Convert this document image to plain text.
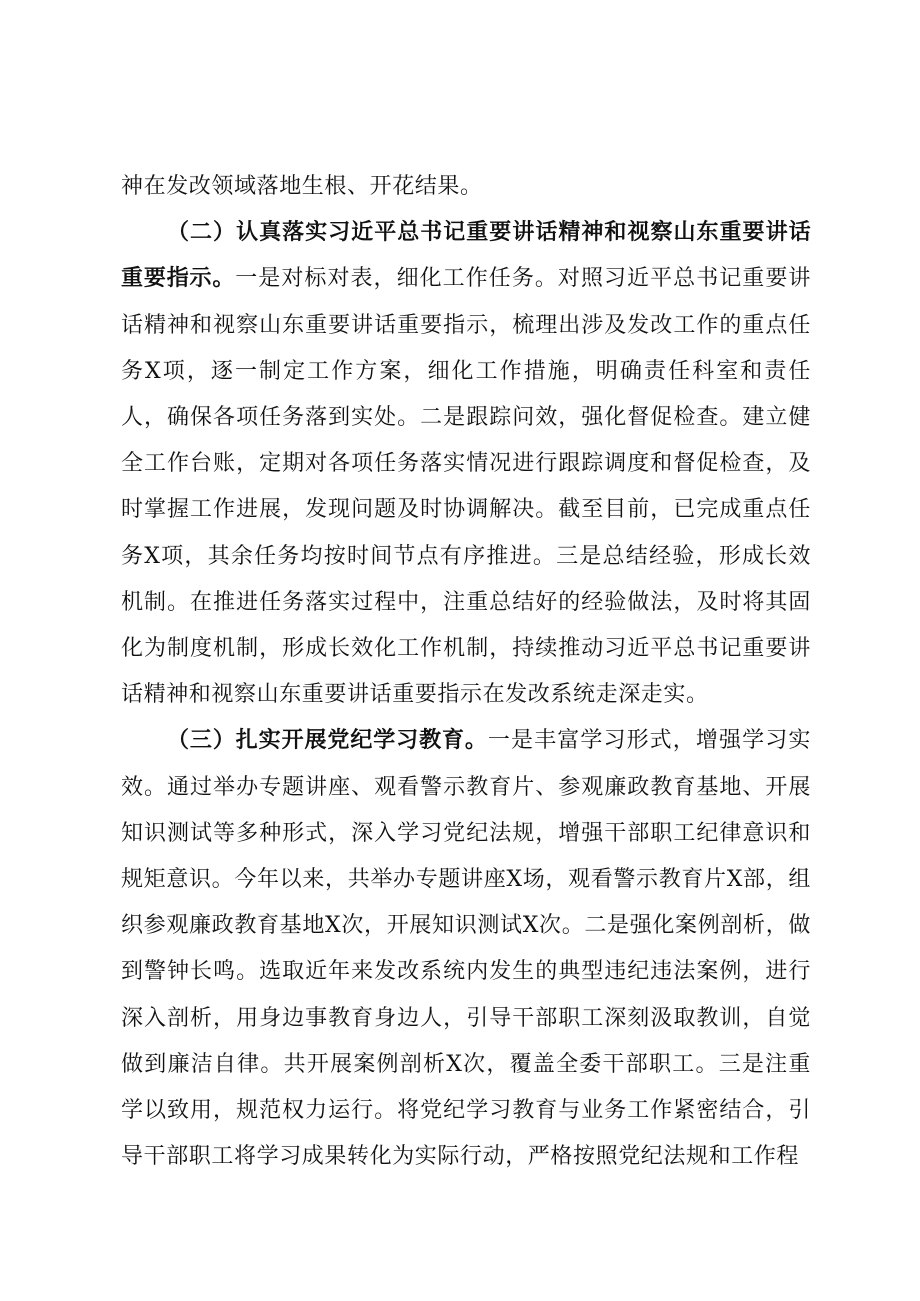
神在发改领域落地生根、开花结果。

（二）认真落实习近平总书记重要讲话精神和视察山东重要讲话重要指示。一是对标对表，细化工作任务。对照习近平总书记重要讲话精神和视察山东重要讲话重要指示，梳理出涉及发改工作的重点任务X项，逐一制定工作方案，细化工作措施，明确责任科室和责任人，确保各项任务落到实处。二是跟踪问效，强化督促检查。建立健全工作台账，定期对各项任务落实情况进行跟踪调度和督促检查，及时掌握工作进展，发现问题及时协调解决。截至目前，已完成重点任务X项，其余任务均按时间节点有序推进。三是总结经验，形成长效机制。在推进任务落实过程中，注重总结好的经验做法，及时将其固化为制度机制，形成长效化工作机制，持续推动习近平总书记重要讲话精神和视察山东重要讲话重要指示在发改系统走深走实。

（三）扎实开展党纪学习教育。一是丰富学习形式，增强学习实效。通过举办专题讲座、观看警示教育片、参观廉政教育基地、开展知识测试等多种形式，深入学习党纪法规，增强干部职工纪律意识和规矩意识。今年以来，共举办专题讲座X场，观看警示教育片X部，组织参观廉政教育基地X次，开展知识测试X次。二是强化案例剖析，做到警钟长鸣。选取近年来发改系统内发生的典型违纪违法案例，进行深入剖析，用身边事教育身边人，引导干部职工深刻汲取教训，自觉做到廉洁自律。共开展案例剖析X次，覆盖全委干部职工。三是注重学以致用，规范权力运行。将党纪学习教育与业务工作紧密结合，引导干部职工将学习成果转化为实际行动，严格按照党纪法规和工作程
